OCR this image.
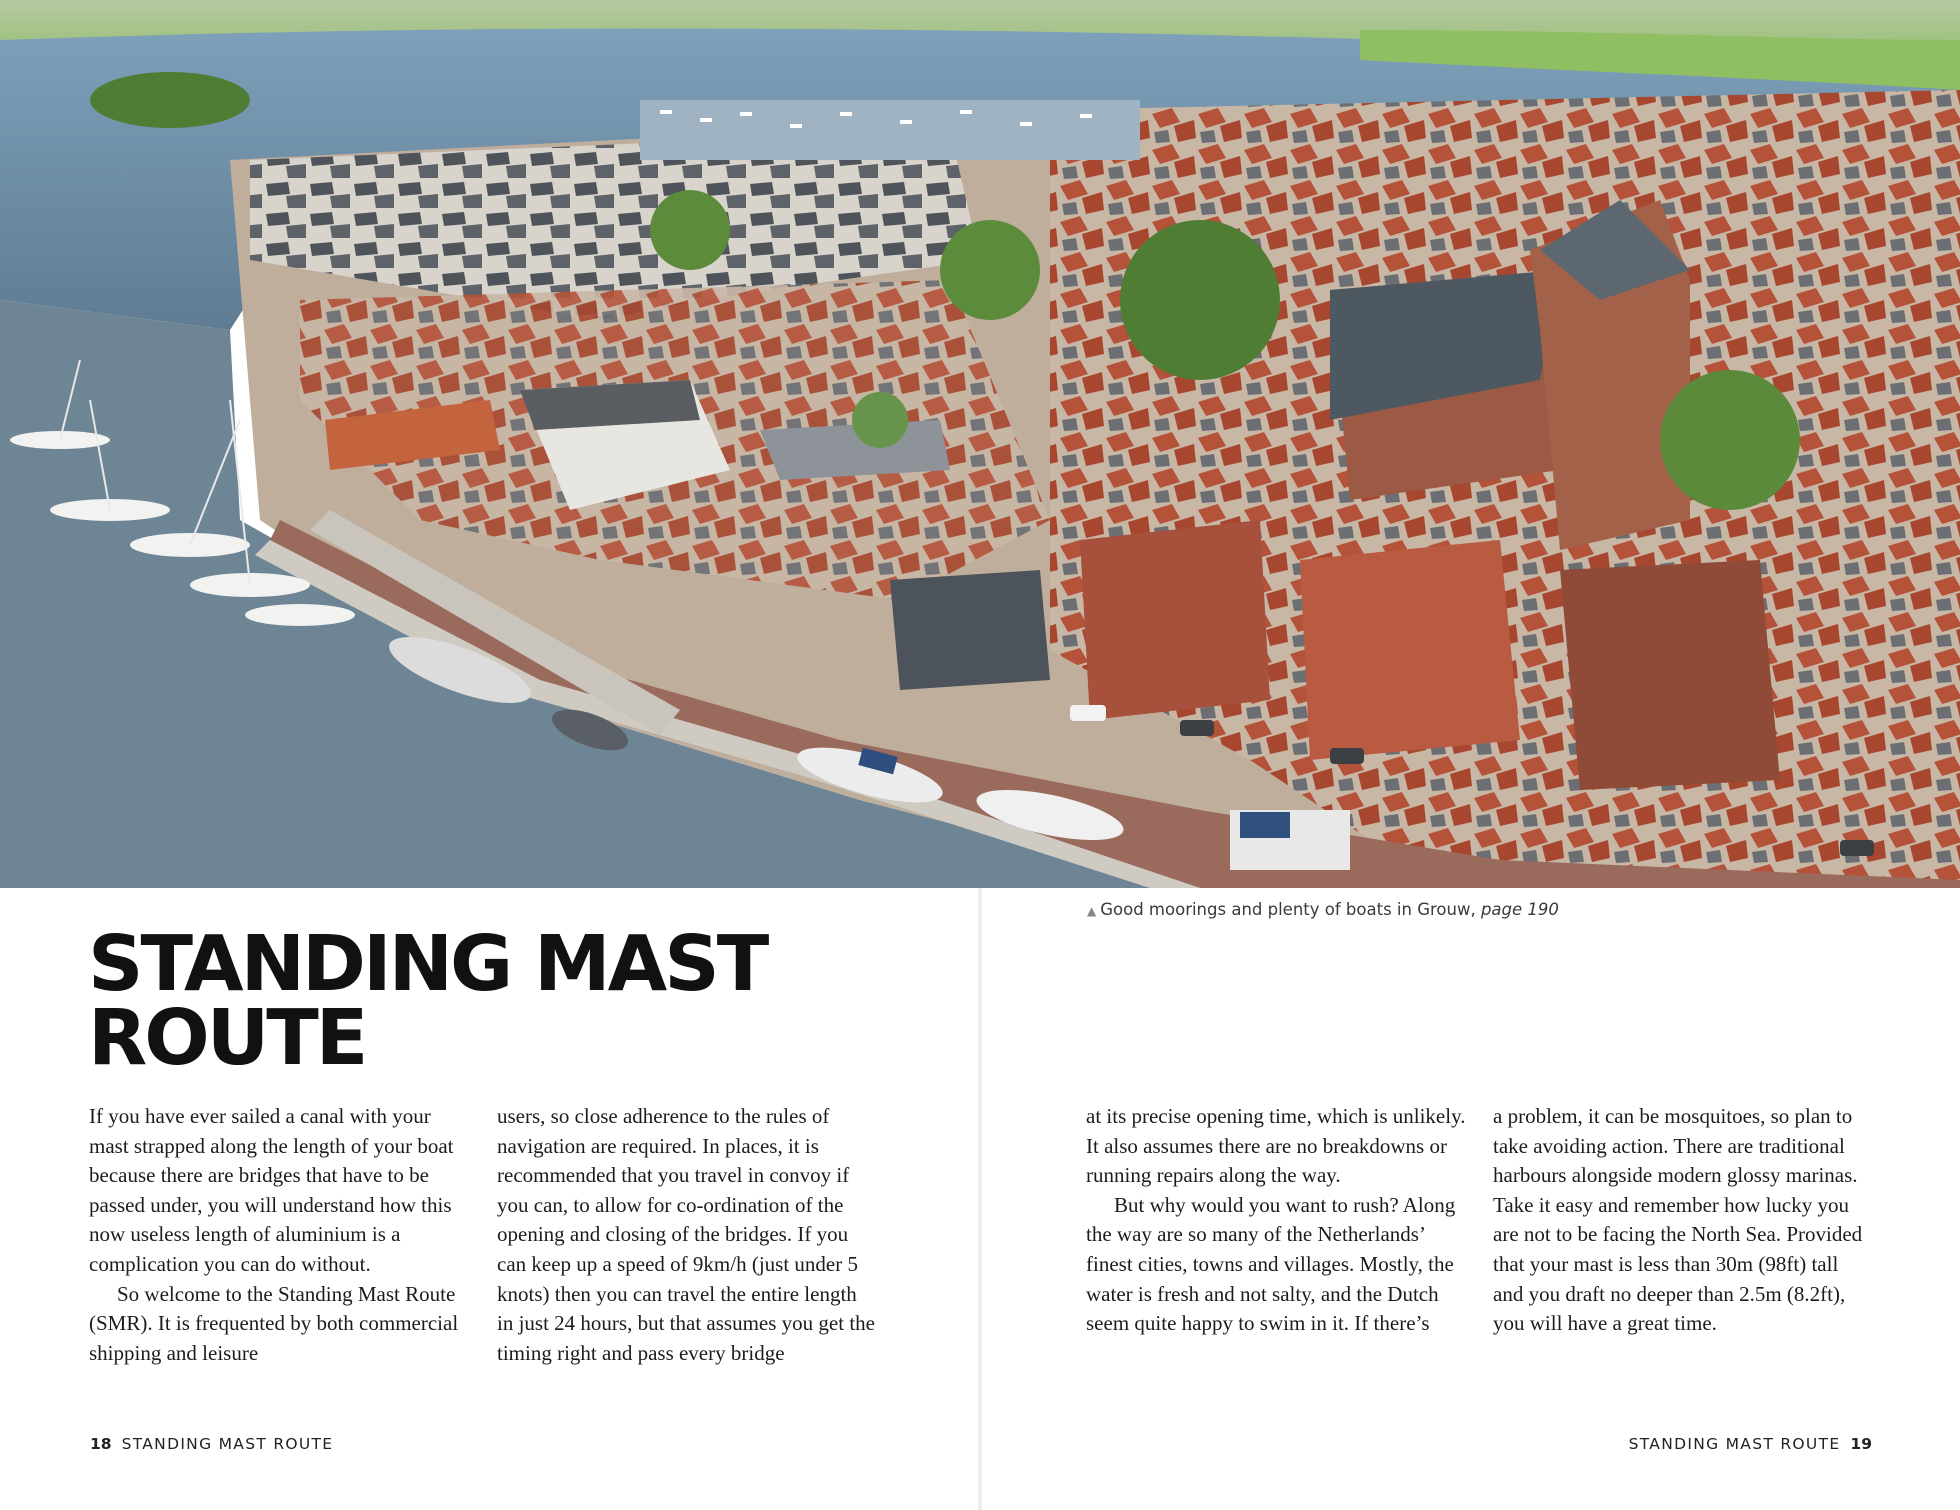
▲ Good moorings and plenty of boats in Grouw, page 190
STANDING MAST
ROUTE

If you have ever sailed a canal with your mast strapped along the length of your boat because there are bridges that have to be passed under, you will understand how this now useless length of aluminium is a complication you can do without.

So welcome to the Standing Mast Route (SMR). It is frequented by both commercial shipping and leisure

users, so close adherence to the rules of navigation are required. In places, it is recommended that you travel in convoy if you can, to allow for co-ordination of the opening and closing of the bridges. If you can keep up a speed of 9km/h (just under 5 knots) then you can travel the entire length in just 24 hours, but that assumes you get the timing right and pass every bridge

at its precise opening time, which is unlikely. It also assumes there are no breakdowns or running repairs along the way.

But why would you want to rush? Along the way are so many of the Netherlands’ finest cities, towns and villages. Mostly, the water is fresh and not salty, and the Dutch seem quite happy to swim in it. If there’s

a problem, it can be mosquitoes, so plan to take avoiding action. There are traditional harbours alongside modern glossy marinas. Take it easy and remember how lucky you are not to be facing the North Sea. Provided that your mast is less than 30m (98ft) tall and you draft no deeper than 2.5m (8.2ft), you will have a great time.

18 STANDING MAST ROUTE	STANDING MAST ROUTE 19
